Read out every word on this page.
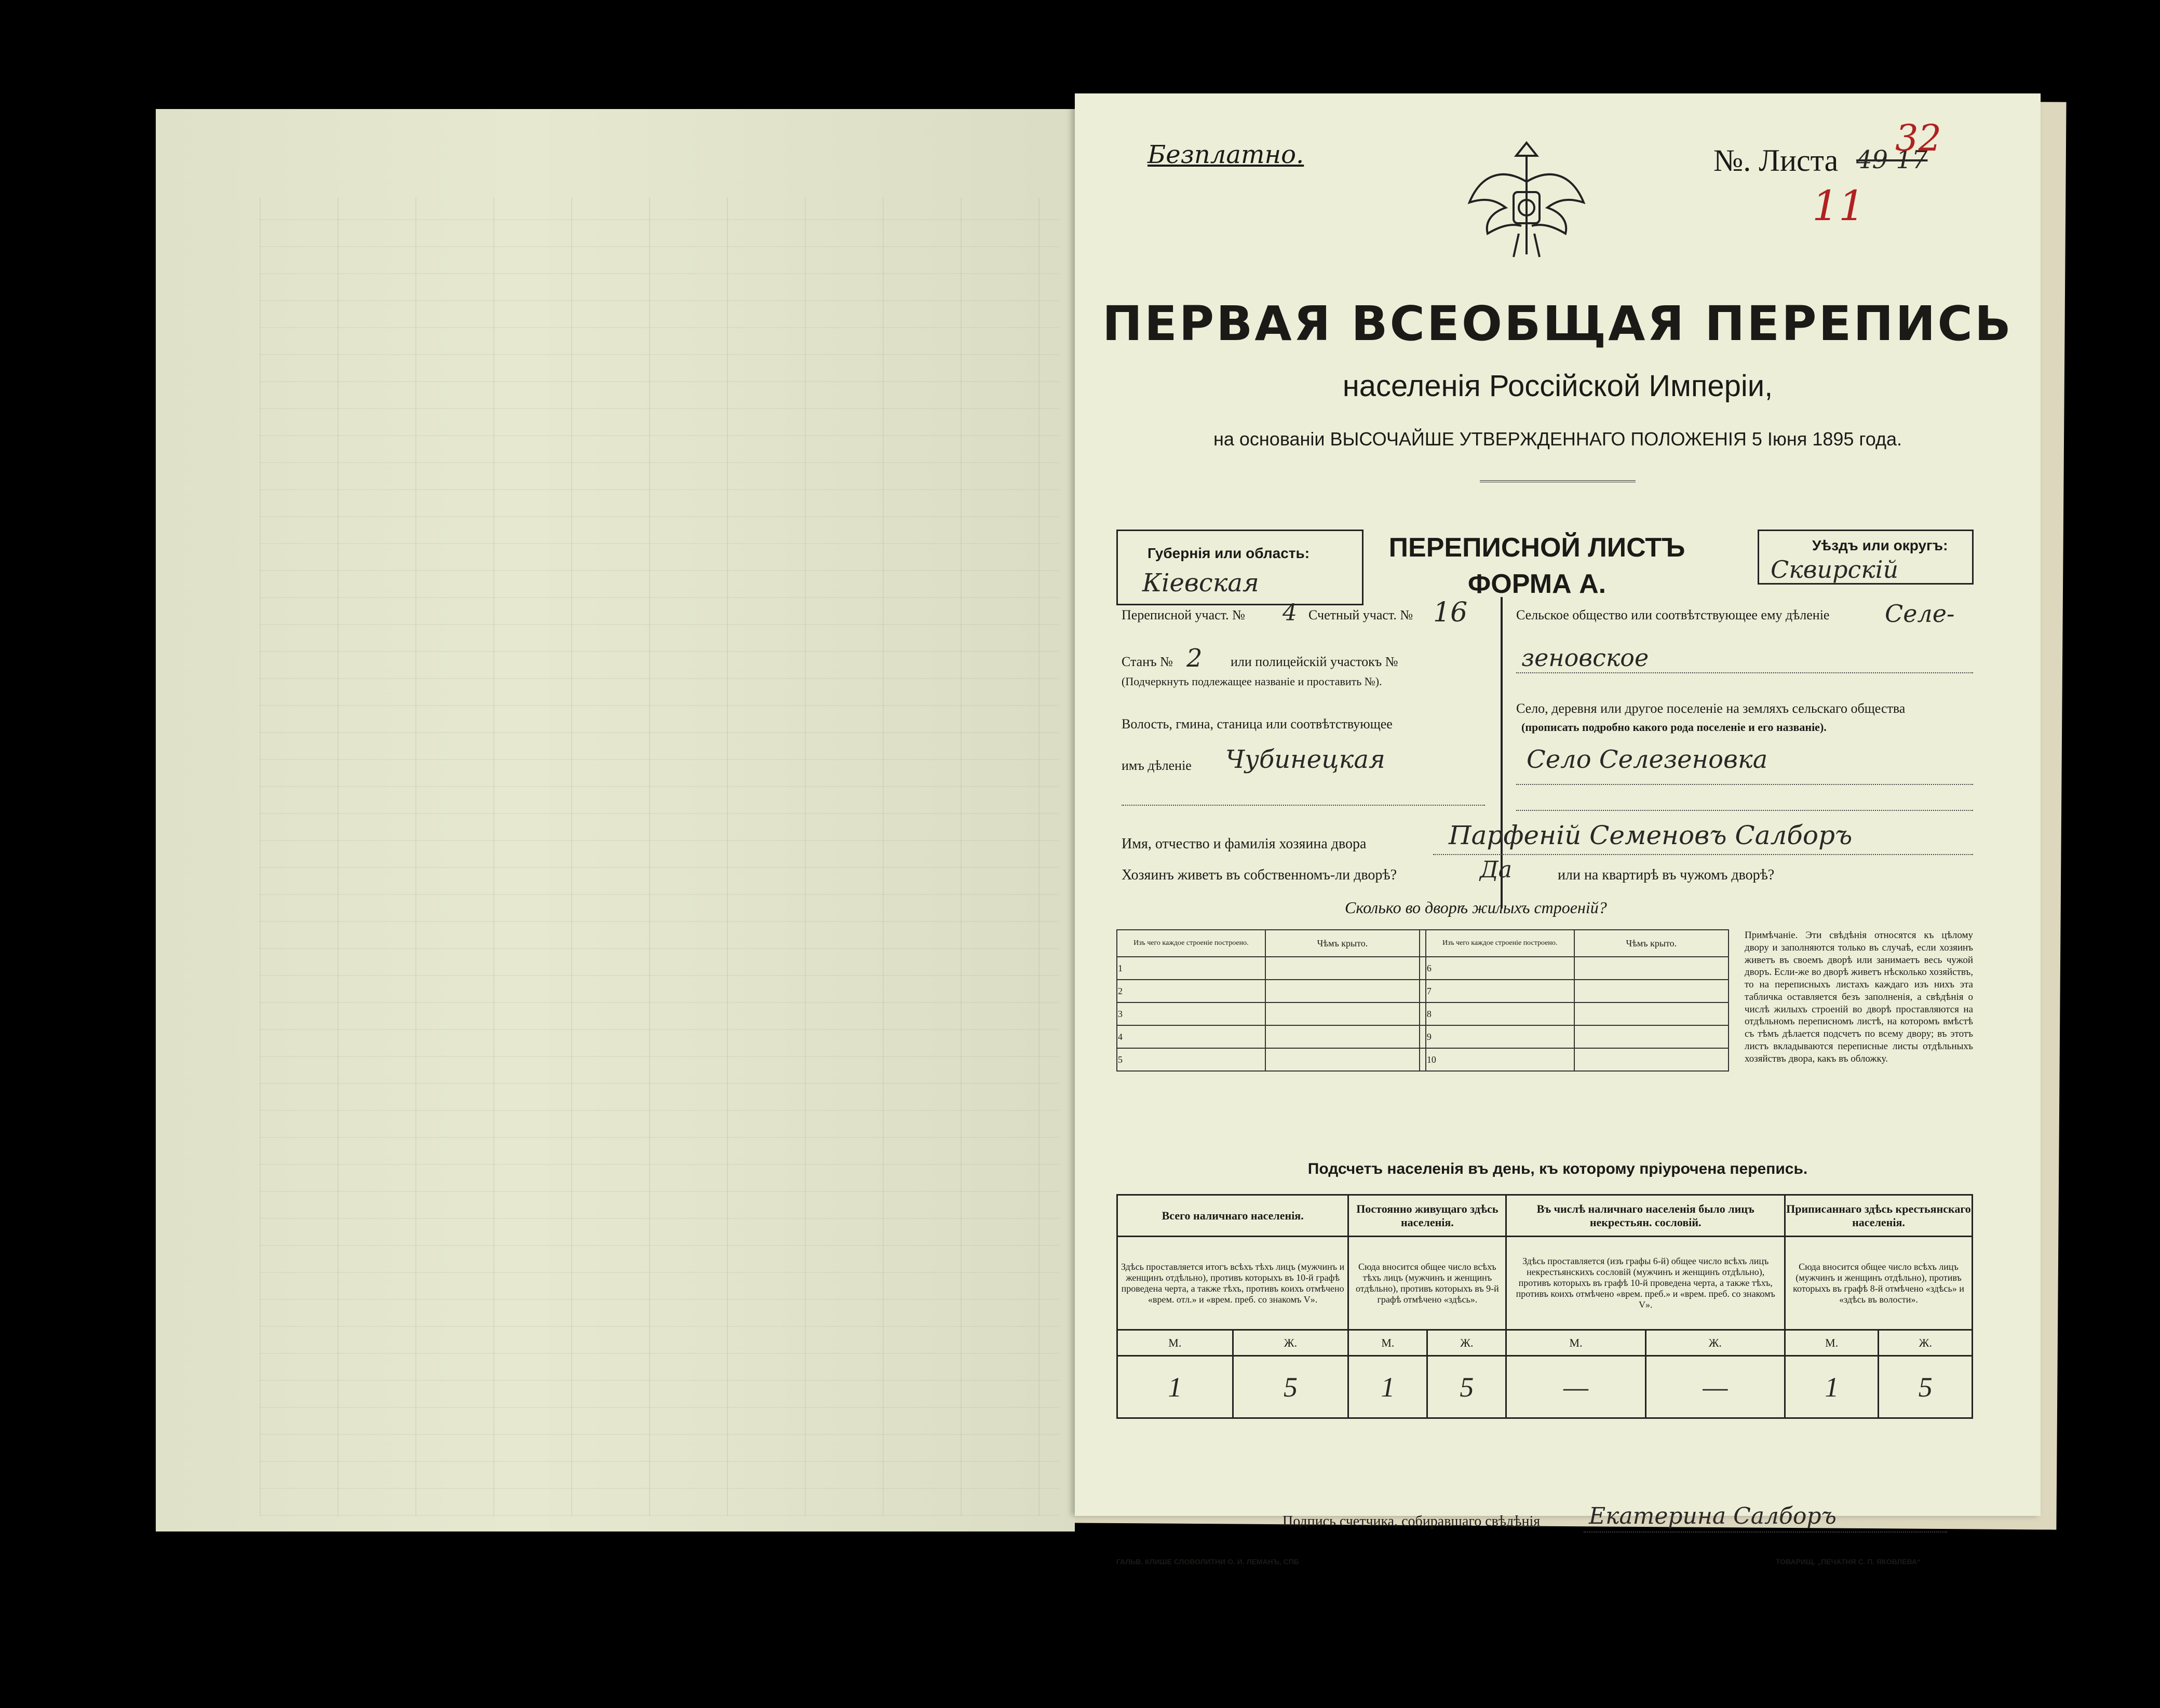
Безплатно.	№. Листа 49 17
32
11
ПЕРВАЯ ВСЕОБЩАЯ ПЕРЕПИСЬ
населенія Россійской Имперіи,
на основаніи ВЫСОЧАЙШЕ УТВЕРЖДЕННАГО ПОЛОЖЕНІЯ 5 Іюня 1895 года.
Губернія или область:
Кіевская
ПЕРЕПИСНОЙ ЛИСТЪ
ФОРМА А.
Уѣздъ или округъ:
Сквирскій
Переписной участ. № 4 Счетный участ. № 16
Станъ № 2 или полицейскій участокъ №
(Подчеркнуть подлежащее названіе и проставить №).
Волость, гмина, станица или соотвѣтствующее
имъ дѣленіе Чубинецкая
Сельское общество или соотвѣтствующее ему дѣленіе Селе-
зеновское
Село, деревня или другое поселеніе на земляхъ сельскаго общества
(прописать подробно какого рода поселеніе и его названіе).
Село Селезеновка
Имя, отчество и фамилія хозяина двора	Парфеній Семеновъ Салборъ
Хозяинъ живетъ въ собственномъ-ли дворѣ?	Да	или на квартирѣ въ чужомъ дворѣ?
Сколько во дворѣ жилыхъ строеній?
Изъ чего каждое строеніе построено.	Чѣмъ крыто.		Изъ чего каждое строеніе построено.	Чѣмъ крыто.
1			6	
2			7	
3			8	
4			9	
5			10	
Примѣчаніе. Эти свѣдѣнія относятся къ цѣлому двору и заполняются только въ случаѣ, если хозяинъ живетъ въ своемъ дворѣ или занимаетъ весь чужой дворъ. Если-же во дворѣ живетъ нѣсколько хозяйствъ, то на переписныхъ листахъ каждаго изъ нихъ эта табличка оставляется безъ заполненія, а свѣдѣнія о числѣ жилыхъ строеній во дворѣ проставляются на отдѣльномъ переписномъ листѣ, на которомъ вмѣстѣ съ тѣмъ дѣлается подсчетъ по всему двору; въ этотъ листъ вкладываются переписные листы отдѣльныхъ хозяйствъ двора, какъ въ обложку.
Подсчетъ населенія въ день, къ которому пріурочена перепись.
Всего наличнаго населенія.		Постоянно живущаго здѣсь населенія.		Въ числѣ наличнаго населенія было лицъ некрестьян. сословій.		Приписаннаго здѣсь крестьянскаго населенія.	
Здѣсь проставляется итогъ всѣхъ тѣхъ лицъ (мужчинъ и женщинъ отдѣльно), противъ которыхъ въ 10-й графѣ проведена черта, а также тѣхъ, противъ коихъ отмѣчено «врем. отл.» и «врем. преб. со знакомъ V».		Сюда вносится общее число всѣхъ тѣхъ лицъ (мужчинъ и женщинъ отдѣльно), противъ которыхъ въ 9-й графѣ отмѣчено «здѣсь».		Здѣсь проставляется (изъ графы 6-й) общее число всѣхъ лицъ некрестьянскихъ сословій (мужчинъ и женщинъ отдѣльно), противъ которыхъ въ графѣ 10-й проведена черта, а также тѣхъ, противъ коихъ отмѣчено «врем. преб.» и «врем. преб. со знакомъ V».		Сюда вносится общее число всѣхъ лицъ (мужчинъ и женщинъ отдѣльно), противъ которыхъ въ графѣ 8-й отмѣчено «здѣсь» и «здѣсь въ волости».	
М.	Ж.	М.	Ж.	М.	Ж.	М.	Ж.
1	5	1	5	—	—	1	5
Подпись счетчика, собиравшаго свѣдѣнія Екатерина Салборъ
ГАЛЬВ. КЛИШЕ СЛОВОЛИТНИ О. И. ЛЕМАНЪ, СПБ	ТОВАРИЩ. „ПЕЧАТНЯ С. П. ЯКОВЛЕВА“
